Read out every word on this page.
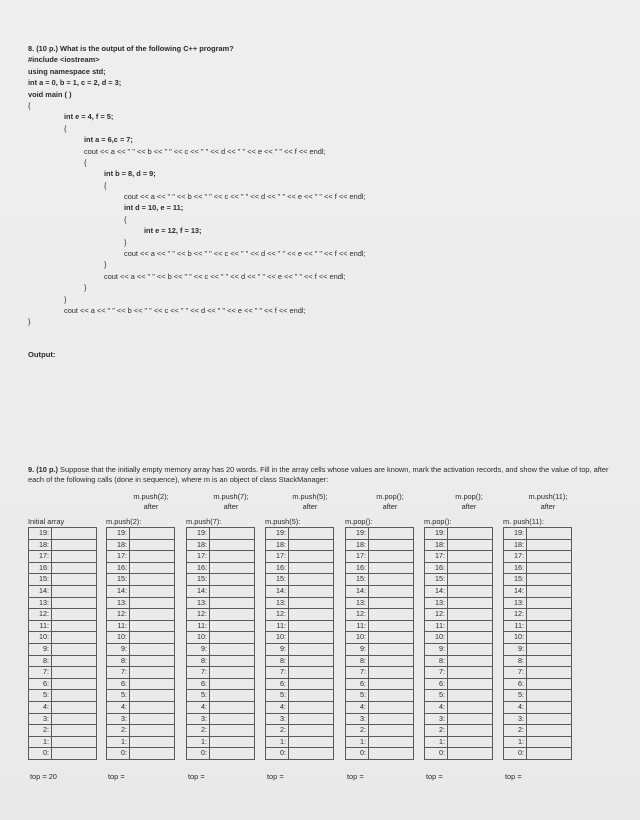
8. (10 p.) What is the output of the following C++ program?
#include <iostream>
using namespace std;
int a = 0, b = 1, c = 2, d = 3;
void main ( )
{
int e = 4, f = 5;
{
int a = 6,c = 7;
cout << a << " " << b << " " << c << " " << d << " " << e << " " << f << endl;
{
int b = 8, d = 9;
{
cout << a << " " << b << " " << c << " " << d << " " << e << " " << f << endl;
int d = 10, e = 11;
{
int e = 12, f = 13;
}
cout << a << " " << b << " " << c << " " << d << " " << e << " " << f << endl;
}
cout << a << " " << b << " " << c << " " << d << " " << e << " " << f << endl;
}
}
cout << a << " " << b << " " << c << " " << d << " " << e << " " << f << endl;
}
Output:
9. (10 p.) Suppose that the initially empty memory array has 20 words. Fill in the array cells whose values are known, mark the activation records, and show the value of top, after each of the following calls (done in sequence), where m is an object of class StackManager:
Initial array
19:	
18:	
17:	
16:	
15:	
14:	
13:	
12:	
11:	
10:	
9:	
8:	
7:	
6:	
5:	
4:	
3:	
2:	
1:	
0:	
top = 20
m.push(2);
after
m.push(2):
19:	
18:	
17:	
16:	
15:	
14:	
13:	
12:	
11:	
10:	
9:	
8:	
7:	
6:	
5:	
4:	
3:	
2:	
1:	
0:	
top =
m.push(7);
after
m.push(7):
19:	
18:	
17:	
16:	
15:	
14:	
13:	
12:	
11:	
10:	
9:	
8:	
7:	
6:	
5:	
4:	
3:	
2:	
1:	
0:	
top =
m.push(5);
after
m.push(5):
19:	
18:	
17:	
16:	
15:	
14:	
13:	
12:	
11:	
10:	
9:	
8:	
7:	
6:	
5:	
4:	
3:	
2:	
1:	
0:	
top =
m.pop();
after
m.pop():
19:	
18:	
17:	
16:	
15:	
14:	
13:	
12:	
11:	
10:	
9:	
8:	
7:	
6:	
5:	
4:	
3:	
2:	
1:	
0:	
top =
m.pop();
after
m.pop():
19:	
18:	
17:	
16:	
15:	
14:	
13:	
12:	
11:	
10:	
9:	
8:	
7:	
6:	
5:	
4:	
3:	
2:	
1:	
0:	
top =
m.push(11);
after
m. push(11):
19:	
18:	
17:	
16:	
15:	
14:	
13:	
12:	
11:	
10:	
9:	
8:	
7:	
6:	
5:	
4:	
3:	
2:	
1:	
0:	
top =
